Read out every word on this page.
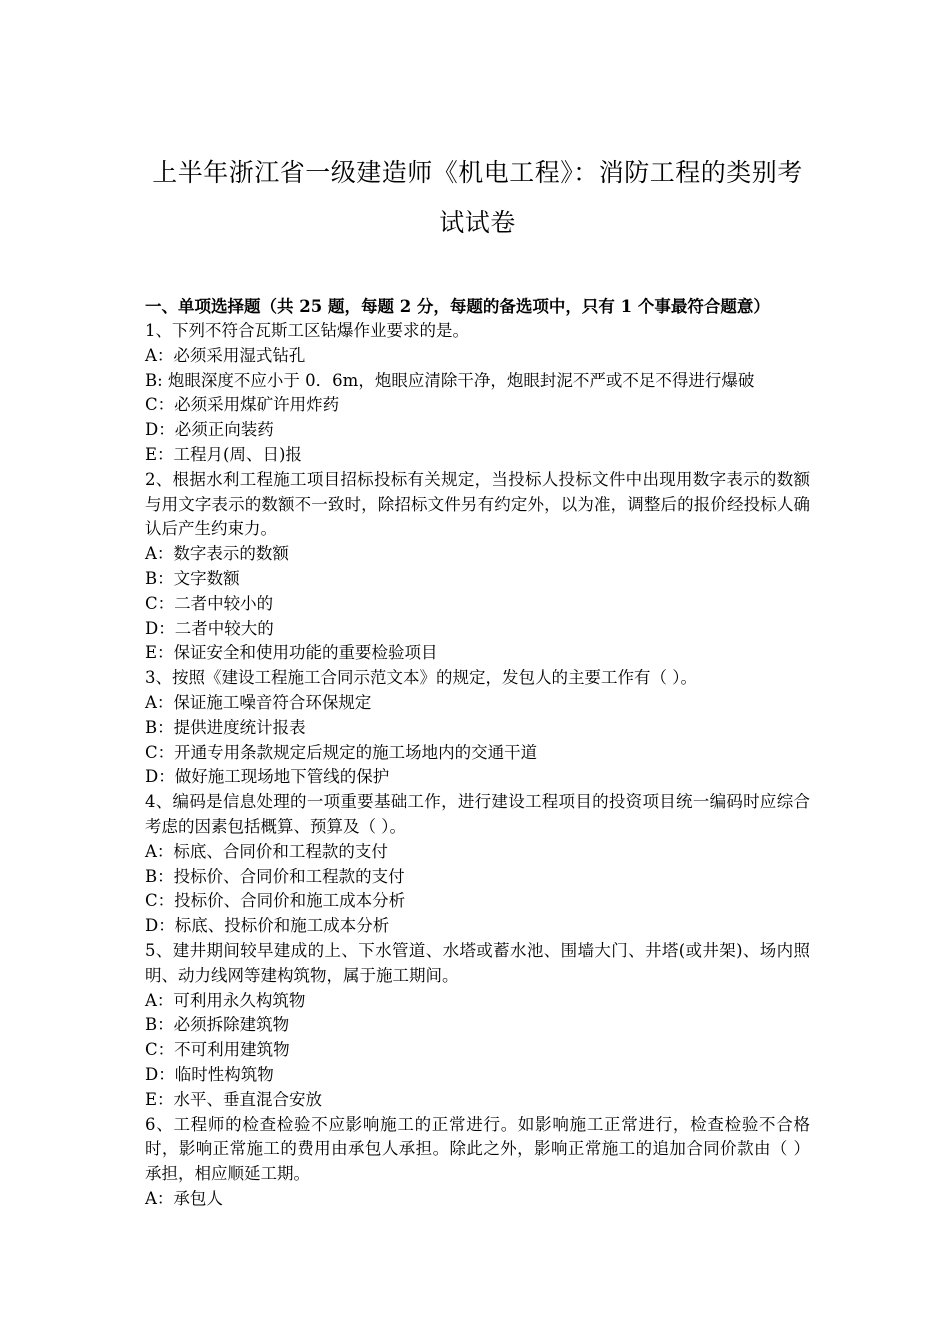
上半年浙江省一级建造师《机电工程》：消防工程的类别考试试卷
一、单项选择题（共 25 题，每题 2 分，每题的备选项中，只有 1 个事最符合题意）
1、下列不符合瓦斯工区钻爆作业要求的是。
A：必须采用湿式钻孔
B: 炮眼深度不应小于 0．6m，炮眼应清除干净，炮眼封泥不严或不足不得进行爆破
C：必须采用煤矿许用炸药
D：必须正向装药
E：工程月(周、日)报
2、根据水利工程施工项目招标投标有关规定，当投标人投标文件中出现用数字表示的数额与用文字表示的数额不一致时，除招标文件另有约定外，以为准，调整后的报价经投标人确认后产生约束力。
A：数字表示的数额
B：文字数额
C：二者中较小的
D：二者中较大的
E：保证安全和使用功能的重要检验项目
3、按照《建设工程施工合同示范文本》的规定，发包人的主要工作有（ ）。
A：保证施工噪音符合环保规定
B：提供进度统计报表
C：开通专用条款规定后规定的施工场地内的交通干道
D：做好施工现场地下管线的保护
4、编码是信息处理的一项重要基础工作，进行建设工程项目的投资项目统一编码时应综合考虑的因素包括概算、预算及（ ）。
A：标底、合同价和工程款的支付
B：投标价、合同价和工程款的支付
C：投标价、合同价和施工成本分析
D：标底、投标价和施工成本分析
5、建井期间较早建成的上、下水管道、水塔或蓄水池、围墙大门、井塔(或井架)、场内照明、动力线网等建构筑物，属于施工期间。
A：可利用永久构筑物
B：必须拆除建筑物
C：不可利用建筑物
D：临时性构筑物
E：水平、垂直混合安放
6、工程师的检查检验不应影响施工的正常进行。如影响施工正常进行，检查检验不合格时，影响正常施工的费用由承包人承担。除此之外，影响正常施工的追加合同价款由（ ）承担，相应顺延工期。
A：承包人
